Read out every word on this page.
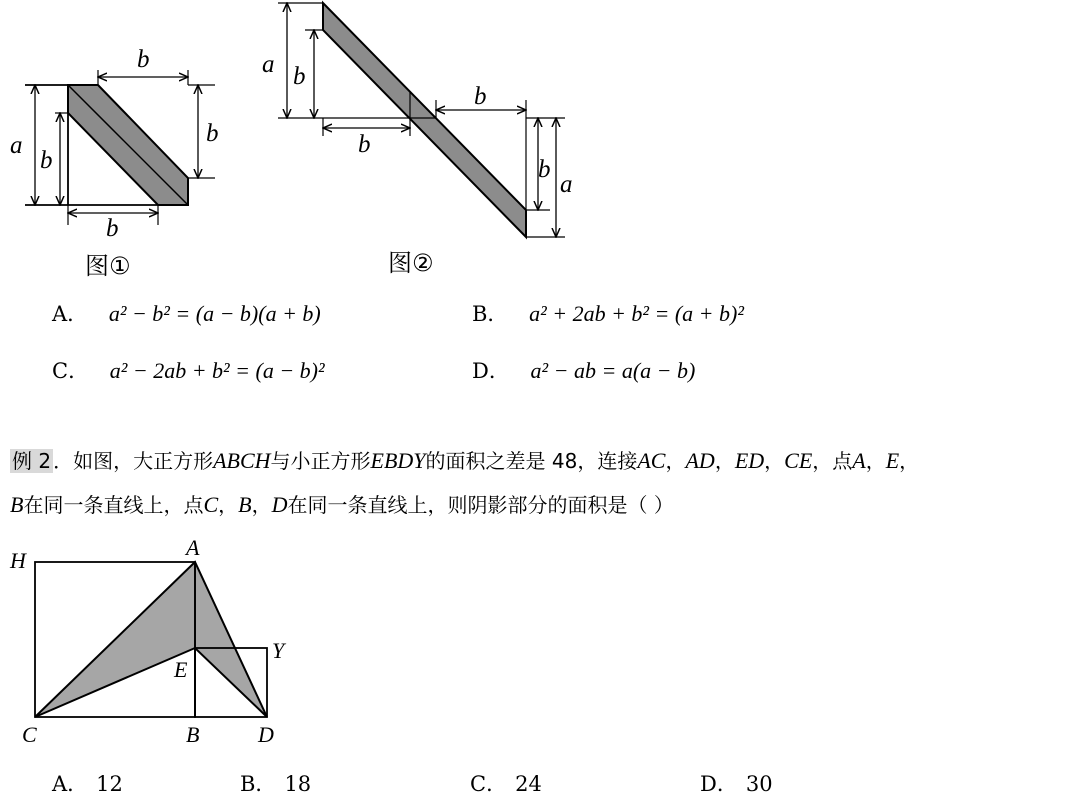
b
b
a
b
b
图①
a b
b
b
b
a
图②
A． a² − b² = (a − b)(a + b)	B． a² + 2ab + b² = (a + b)²
C． a² − 2ab + b² = (a − b)²	D． a² − ab = a(a − b)
例 2 ．如图，大正方形ABCH与小正方形EBDY的面积之差是 48，连接AC，AD，ED，CE，点A，E，
B在同一条直线上，点C，B，D在同一条直线上，则阴影部分的面积是（ ）
H
A
Y
E
C	B	D
A． 12	B． 18	C． 24	D． 30
